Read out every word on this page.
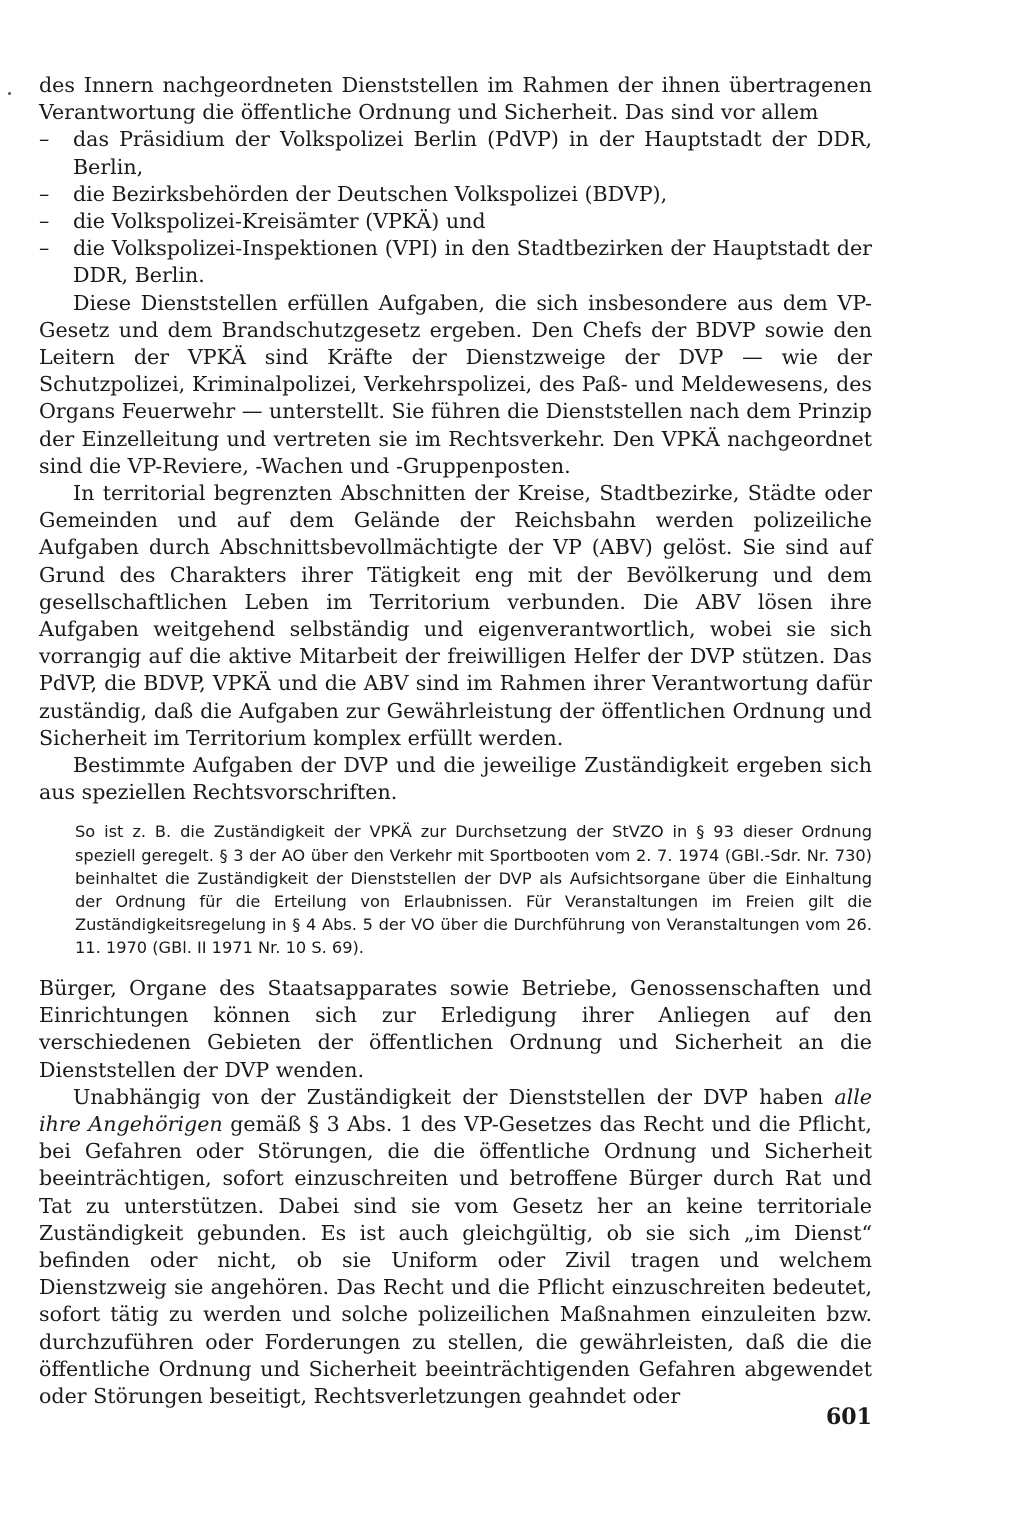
des Innern nachgeordneten Dienststellen im Rahmen der ihnen übertragenen Verantwortung die öffentliche Ordnung und Sicherheit. Das sind vor allem

– das Präsidium der Volkspolizei Berlin (PdVP) in der Hauptstadt der DDR, Berlin,
– die Bezirksbehörden der Deutschen Volkspolizei (BDVP),
– die Volkspolizei-Kreisämter (VPKÄ) und
– die Volkspolizei-Inspektionen (VPI) in den Stadtbezirken der Hauptstadt der DDR, Berlin.

Diese Dienststellen erfüllen Aufgaben, die sich insbesondere aus dem VP-Gesetz und dem Brandschutzgesetz ergeben. Den Chefs der BDVP sowie den Leitern der VPKÄ sind Kräfte der Dienstzweige der DVP — wie der Schutzpolizei, Kriminalpolizei, Verkehrspolizei, des Paß- und Meldewesens, des Organs Feuerwehr — unterstellt. Sie führen die Dienststellen nach dem Prinzip der Einzelleitung und vertreten sie im Rechtsverkehr. Den VPKÄ nachgeordnet sind die VP-Reviere, -Wachen und -Gruppenposten.

In territorial begrenzten Abschnitten der Kreise, Stadtbezirke, Städte oder Gemeinden und auf dem Gelände der Reichsbahn werden polizeiliche Aufgaben durch Abschnittsbevollmächtigte der VP (ABV) gelöst. Sie sind auf Grund des Charakters ihrer Tätigkeit eng mit der Bevölkerung und dem gesellschaftlichen Leben im Territorium verbunden. Die ABV lösen ihre Aufgaben weitgehend selbständig und eigenverantwortlich, wobei sie sich vorrangig auf die aktive Mitarbeit der freiwilligen Helfer der DVP stützen. Das PdVP, die BDVP, VPKÄ und die ABV sind im Rahmen ihrer Verantwortung dafür zuständig, daß die Aufgaben zur Gewährleistung der öffentlichen Ordnung und Sicherheit im Territorium komplex erfüllt werden.

Bestimmte Aufgaben der DVP und die jeweilige Zuständigkeit ergeben sich aus speziellen Rechtsvorschriften.

So ist z. B. die Zuständigkeit der VPKÄ zur Durchsetzung der StVZO in § 93 dieser Ordnung speziell geregelt. § 3 der AO über den Verkehr mit Sportbooten vom 2. 7. 1974 (GBl.-Sdr. Nr. 730) beinhaltet die Zuständigkeit der Dienststellen der DVP als Aufsichtsorgane über die Einhaltung der Ordnung für die Erteilung von Erlaubnissen. Für Veranstaltungen im Freien gilt die Zuständigkeitsregelung in § 4 Abs. 5 der VO über die Durchführung von Veranstaltungen vom 26. 11. 1970 (GBl. II 1971 Nr. 10 S. 69).

Bürger, Organe des Staatsapparates sowie Betriebe, Genossenschaften und Einrichtungen können sich zur Erledigung ihrer Anliegen auf den verschiedenen Gebieten der öffentlichen Ordnung und Sicherheit an die Dienststellen der DVP wenden.

Unabhängig von der Zuständigkeit der Dienststellen der DVP haben alle ihre Angehörigen gemäß § 3 Abs. 1 des VP-Gesetzes das Recht und die Pflicht, bei Gefahren oder Störungen, die die öffentliche Ordnung und Sicherheit beeinträchtigen, sofort einzuschreiten und betroffene Bürger durch Rat und Tat zu unterstützen. Dabei sind sie vom Gesetz her an keine territoriale Zuständigkeit gebunden. Es ist auch gleichgültig, ob sie sich „im Dienst“ befinden oder nicht, ob sie Uniform oder Zivil tragen und welchem Dienstzweig sie angehören. Das Recht und die Pflicht einzuschreiten bedeutet, sofort tätig zu werden und solche polizeilichen Maßnahmen einzuleiten bzw. durchzuführen oder Forderungen zu stellen, die gewährleisten, daß die die öffentliche Ordnung und Sicherheit beeinträchtigenden Gefahren abgewendet oder Störungen beseitigt, Rechtsverletzungen geahndet oder

601
